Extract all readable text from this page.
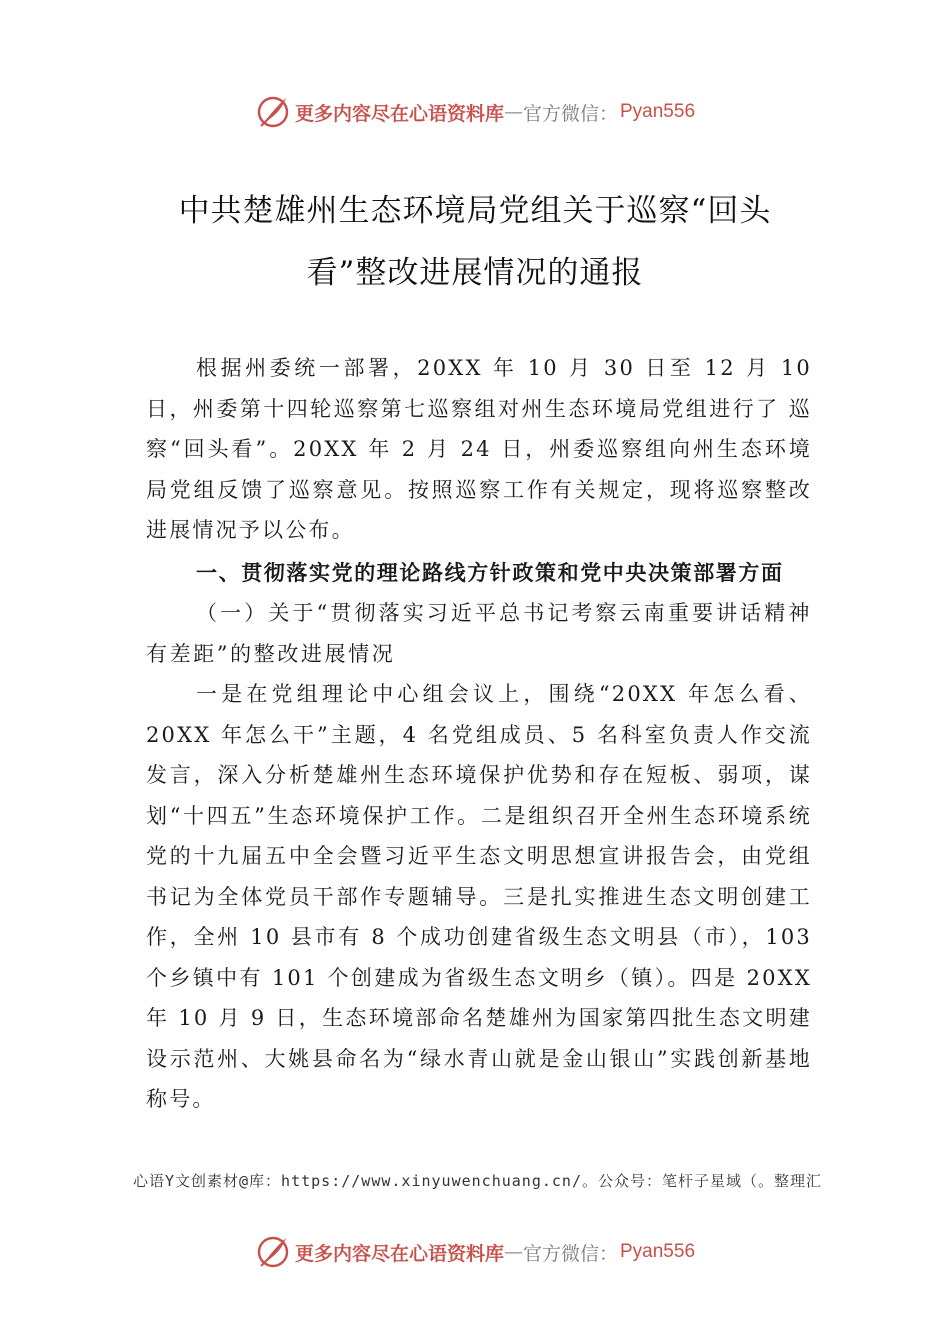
更多内容尽在心语资料库 — 官方微信： Pyan556
中共楚雄州生态环境局党组关于巡察“回头
看”整改进展情况的通报

根据州委统一部署，20XX 年 10 月 30 日至 12 月 10 日，州委第十四轮巡察第七巡察组对州生态环境局党组进行了 巡察“回头看”。20XX 年 2 月 24 日，州委巡察组向州生态环境局党组反馈了巡察意见。按照巡察工作有关规定，现将巡察整改进展情况予以公布。

一、贯彻落实党的理论路线方针政策和党中央决策部署方面

（一）关于“贯彻落实习近平总书记考察云南重要讲话精神有差距”的整改进展情况

一是在党组理论中心组会议上，围绕“20XX 年怎么看、20XX 年怎么干”主题，4 名党组成员、5 名科室负责人作交流发言，深入分析楚雄州生态环境保护优势和存在短板、弱项，谋划“十四五”生态环境保护工作。二是组织召开全州生态环境系统党的十九届五中全会暨习近平生态文明思想宣讲报告会，由党组书记为全体党员干部作专题辅导。三是扎实推进生态文明创建工作，全州 10 县市有 8 个成功创建省级生态文明县（市），103 个乡镇中有 101 个创建成为省级生态文明乡（镇）。四是 20XX 年 10 月 9 日，生态环境部命名楚雄州为国家第四批生态文明建设示范州、大姚县命名为“绿水青山就是金山银山”实践创新基地称号。

心语Y文创素材@库：https://www.xinyuwenchuang.cn/。公众号：笔杆子星域（。整理汇
更多内容尽在心语资料库 — 官方微信： Pyan556
